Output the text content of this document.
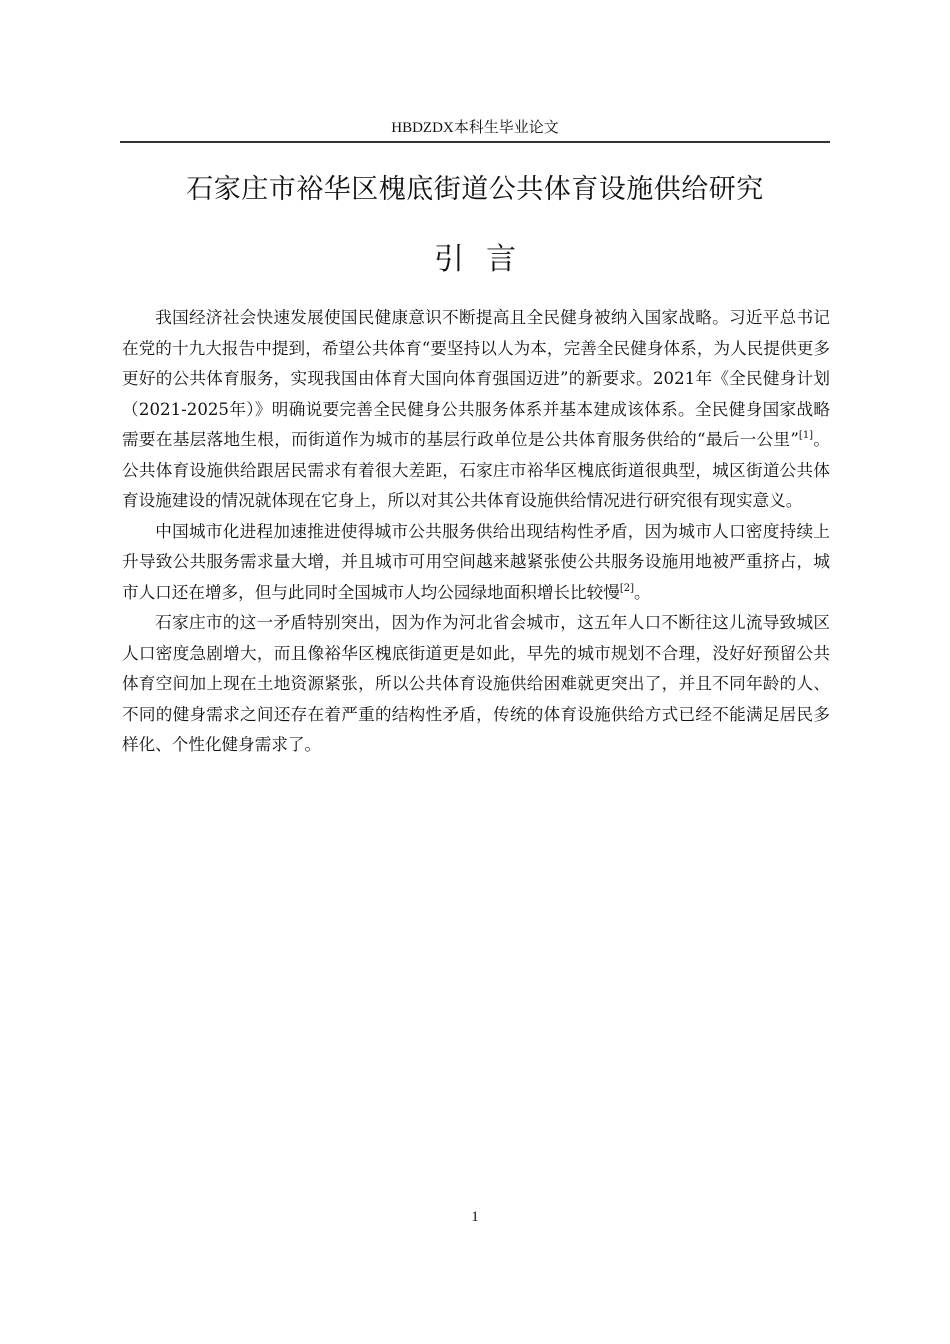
HBDZDX本科生毕业论文
石家庄市裕华区槐底街道公共体育设施供给研究
引言

我国经济社会快速发展使国民健康意识不断提高且全民健身被纳入国家战略。习近平总书记在党的十九大报告中提到，希望公共体育“要坚持以人为本，完善全民健身体系，为人民提供更多更好的公共体育服务，实现我国由体育大国向体育强国迈进”的新要求。2021年《全民健身计划（2021-2025年）》明确说要完善全民健身公共服务体系并基本建成该体系。全民健身国家战略需要在基层落地生根，而街道作为城市的基层行政单位是公共体育服务供给的“最后一公里”[1]。公共体育设施供给跟居民需求有着很大差距，石家庄市裕华区槐底街道很典型，城区街道公共体育设施建设的情况就体现在它身上，所以对其公共体育设施供给情况进行研究很有现实意义。

中国城市化进程加速推进使得城市公共服务供给出现结构性矛盾，因为城市人口密度持续上升导致公共服务需求量大增，并且城市可用空间越来越紧张使公共服务设施用地被严重挤占，城市人口还在增多，但与此同时全国城市人均公园绿地面积增长比较慢[2]。

石家庄市的这一矛盾特别突出，因为作为河北省会城市，这五年人口不断往这儿流导致城区人口密度急剧增大，而且像裕华区槐底街道更是如此，早先的城市规划不合理，没好好预留公共体育空间加上现在土地资源紧张，所以公共体育设施供给困难就更突出了，并且不同年龄的人、不同的健身需求之间还存在着严重的结构性矛盾，传统的体育设施供给方式已经不能满足居民多样化、个性化健身需求了。

1
